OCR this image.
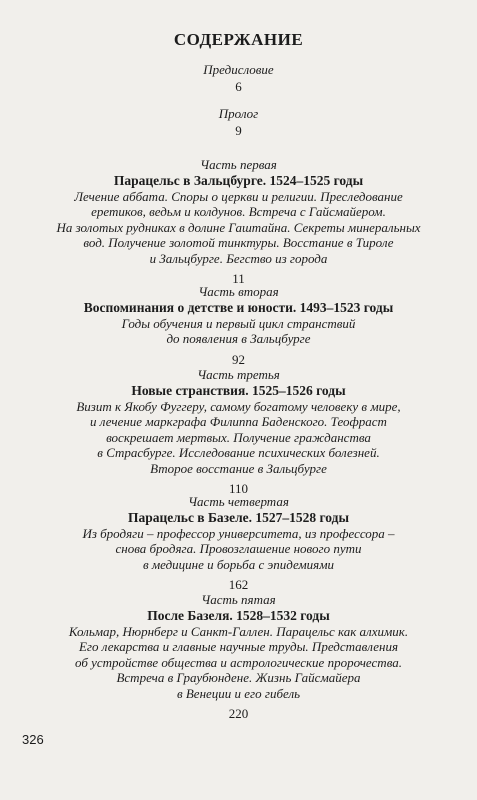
СОДЕРЖАНИЕ
Предисловие
6
Пролог
9
Часть первая
Парацельс в Зальцбурге. 1524–1525 годы
Лечение аббата. Споры о церкви и религии. Преследование
еретиков, ведьм и колдунов. Встреча с Гайсмайером.
На золотых рудниках в долине Гаштайна. Секреты минеральных
вод. Получение золотой тинктуры. Восстание в Тироле
и Зальцбурге. Бегство из города
11
Часть вторая
Воспоминания о детстве и юности. 1493–1523 годы
Годы обучения и первый цикл странствий
до появления в Зальцбурге
92
Часть третья
Новые странствия. 1525–1526 годы
Визит к Якобу Фуггеру, самому богатому человеку в мире,
и лечение маркграфа Филиппа Баденского. Теофраст
воскрешает мертвых. Получение гражданства
в Страсбурге. Исследование психических болезней.
Второе восстание в Зальцбурге
110
Часть четвертая
Парацельс в Базеле. 1527–1528 годы
Из бродяги – профессор университета, из профессора –
снова бродяга. Провозглашение нового пути
в медицине и борьба с эпидемиями
162
Часть пятая
После Базеля. 1528–1532 годы
Кольмар, Нюрнберг и Санкт-Галлен. Парацельс как алхимик.
Его лекарства и главные научные труды. Представления
об устройстве общества и астрологические пророчества.
Встреча в Граубюндене. Жизнь Гайсмайера
в Венеции и его гибель
220
326
